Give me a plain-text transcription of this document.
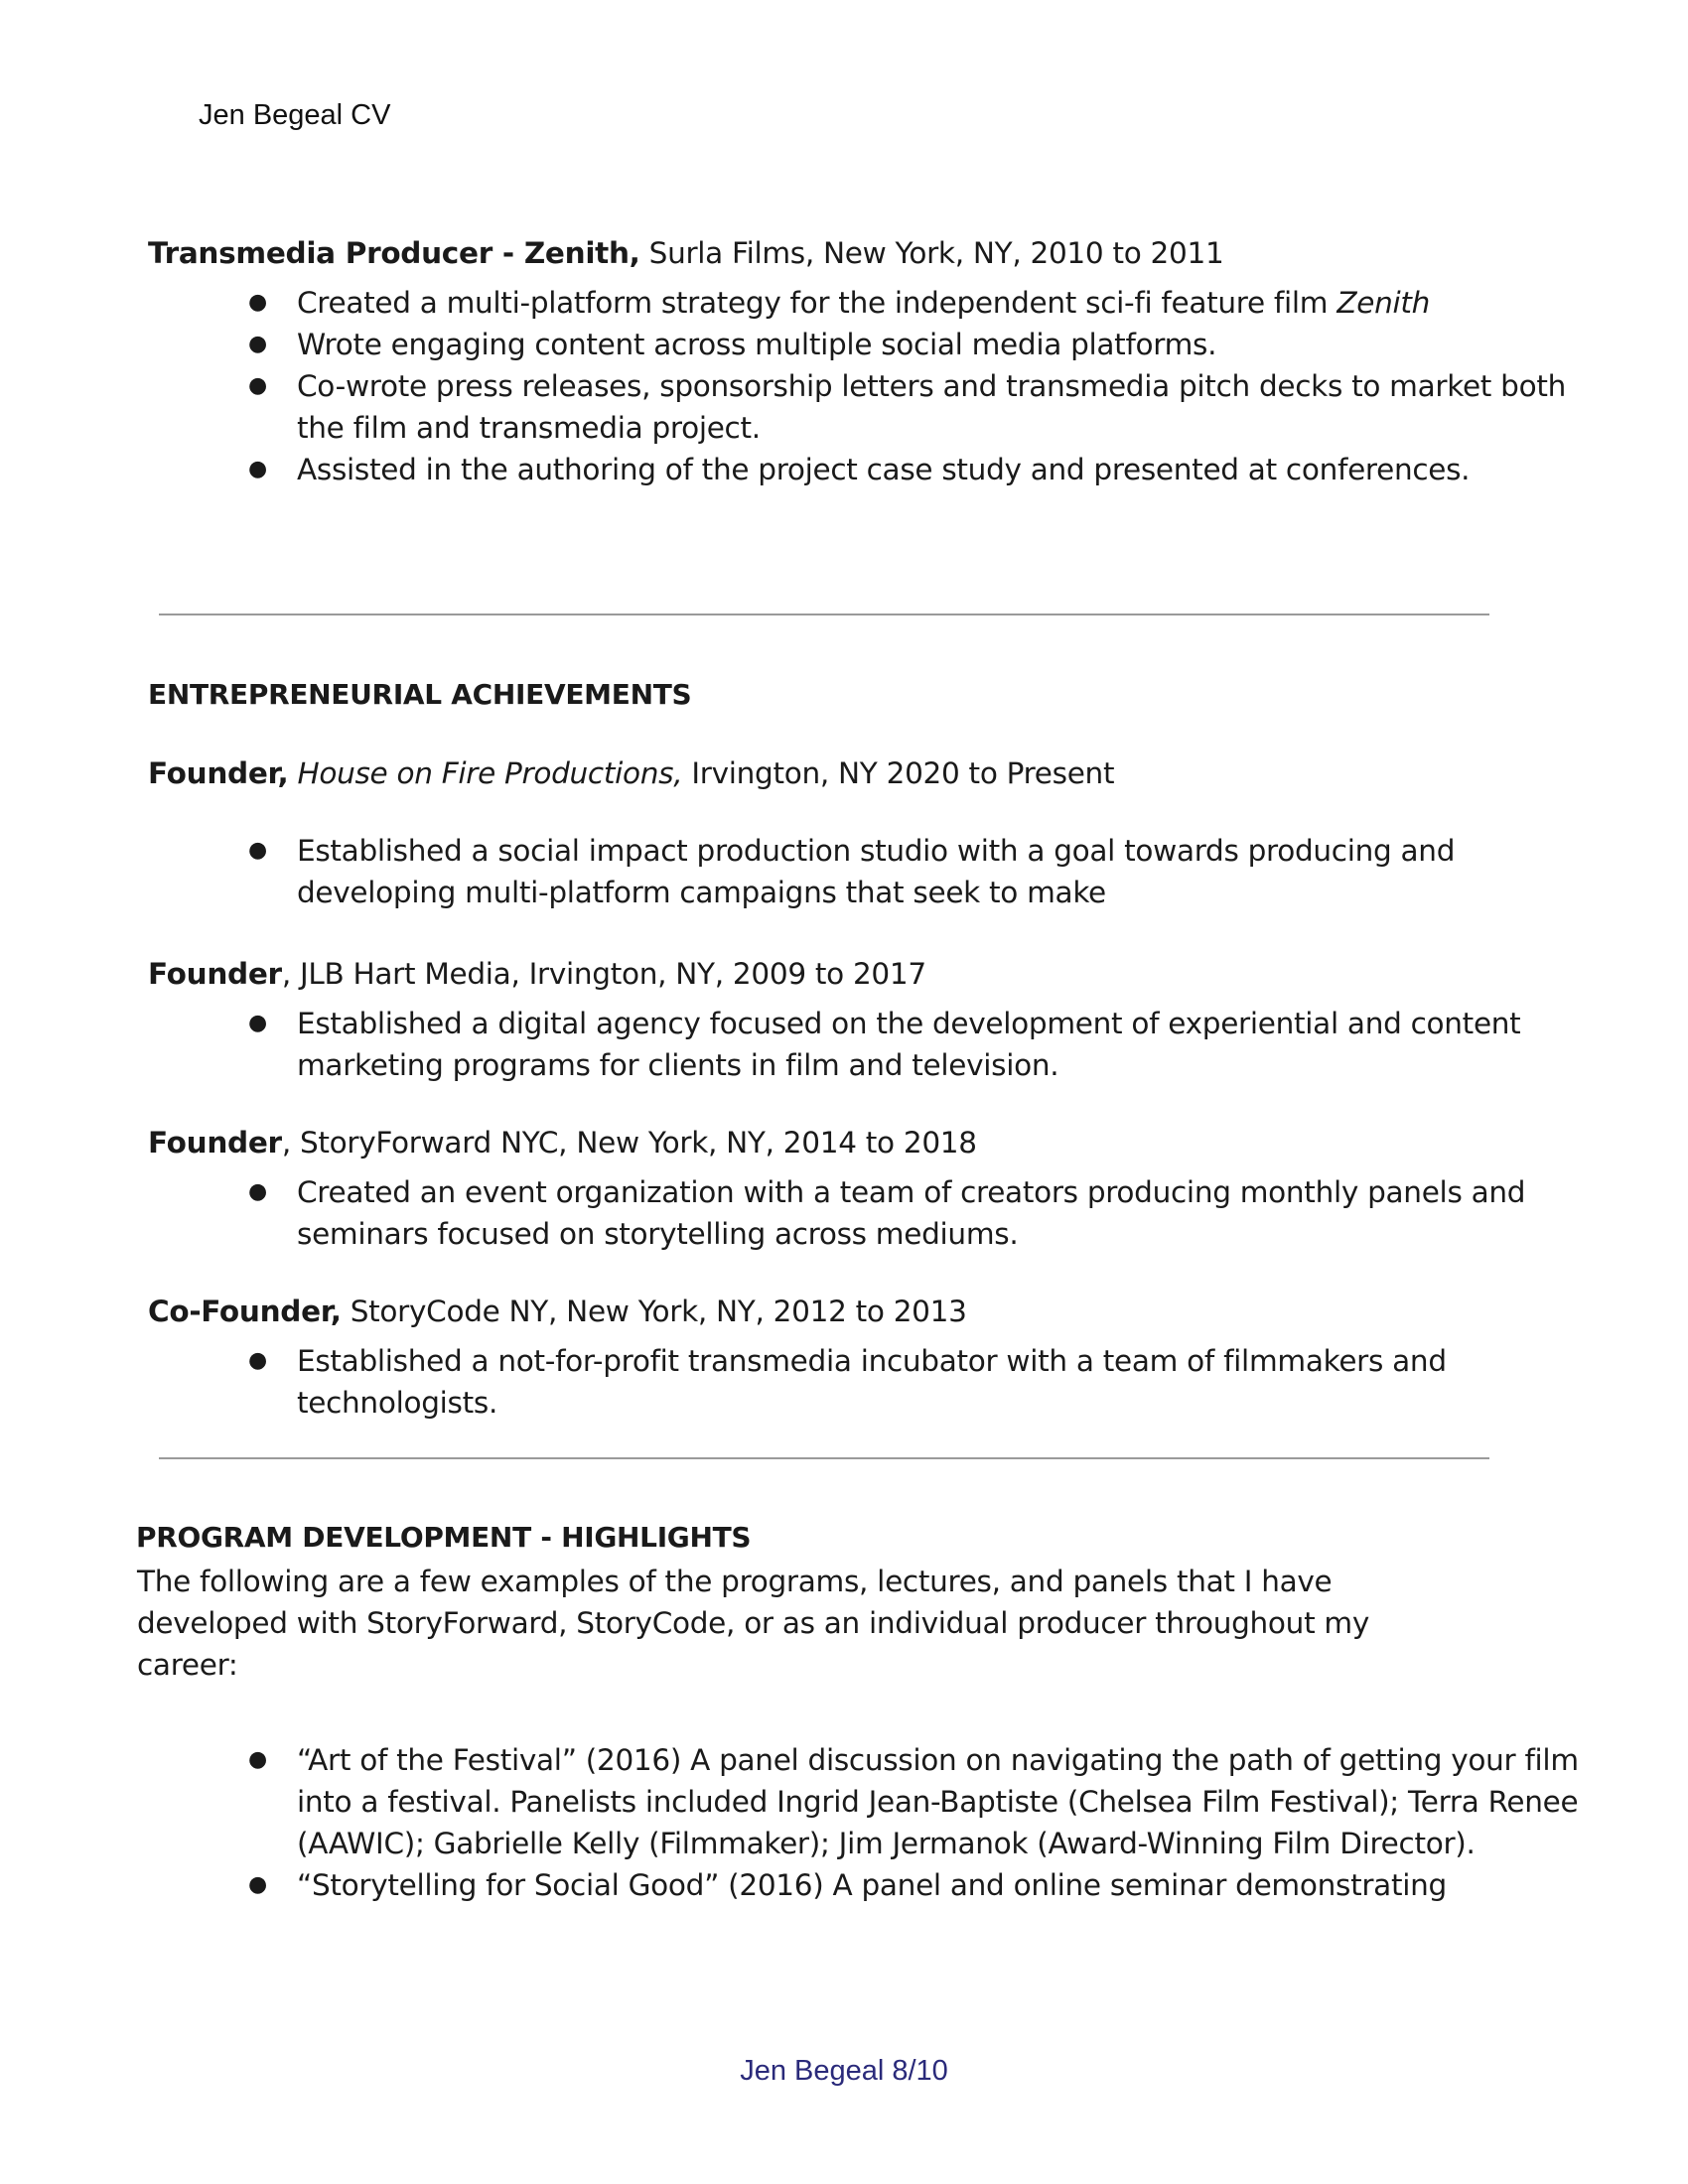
Jen Begeal CV
Transmedia Producer - Zenith, Surla Films, New York, NY, 2010 to 2011
● Created a multi-platform strategy for the independent sci-fi feature film Zenith
● Wrote engaging content across multiple social media platforms.
● Co-wrote press releases, sponsorship letters and transmedia pitch decks to market both the film and transmedia project.
● Assisted in the authoring of the project case study and presented at conferences.
ENTREPRENEURIAL ACHIEVEMENTS
Founder, House on Fire Productions, Irvington, NY 2020 to Present
● Established a social impact production studio with a goal towards producing and developing multi-platform campaigns that seek to make
Founder, JLB Hart Media, Irvington, NY, 2009 to 2017
● Established a digital agency focused on the development of experiential and content marketing programs for clients in film and television.
Founder, StoryForward NYC, New York, NY, 2014 to 2018
● Created an event organization with a team of creators producing monthly panels and seminars focused on storytelling across mediums.
Co-Founder, StoryCode NY, New York, NY, 2012 to 2013
● Established a not-for-profit transmedia incubator with a team of filmmakers and technologists.
PROGRAM DEVELOPMENT - HIGHLIGHTS
The following are a few examples of the programs, lectures, and panels that I have developed with StoryForward, StoryCode, or as an individual producer throughout my career:
● “Art of the Festival” (2016) A panel discussion on navigating the path of getting your film into a festival. Panelists included Ingrid Jean-Baptiste (Chelsea Film Festival); Terra Renee (AAWIC); Gabrielle Kelly (Filmmaker); Jim Jermanok (Award-Winning Film Director).
● “Storytelling for Social Good” (2016) A panel and online seminar demonstrating
Jen Begeal 8/10
